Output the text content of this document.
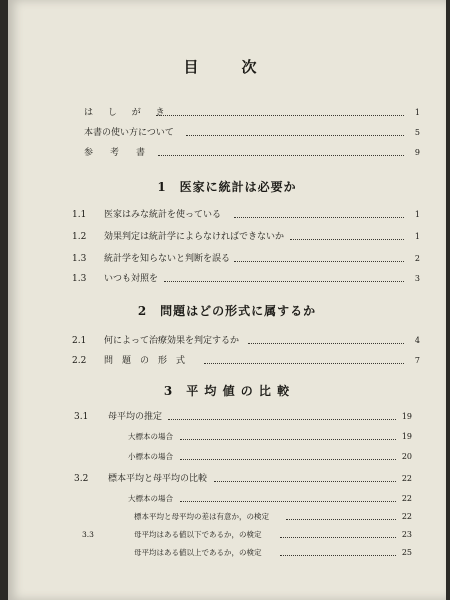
目　次
は し が き	1
本書の使い方について	5
参　考　書	9
1　医家に統計は必要か
1.1 医家はみな統計を使っている	1
1.2 効果判定は統計学によらなければできないか	1
1.3 統計学を知らないと判断を誤る	2
1.3 いつも対照を	3
2　問題はどの形式に属するか
2.1 何によって治療効果を判定するか	4
2.2 問　題　の　形　式	7
3　平 均 値 の 比 較
3.1 母平均の推定	19
大標本の場合	19
小標本の場合	20
3.2 標本平均と母平均の比較	22
大標本の場合	22
標本平均と母平均の差は有意か，の検定	22
3.3	母平均はある値以下であるか，の検定	23
母平均はある値以上であるか，の検定	25
